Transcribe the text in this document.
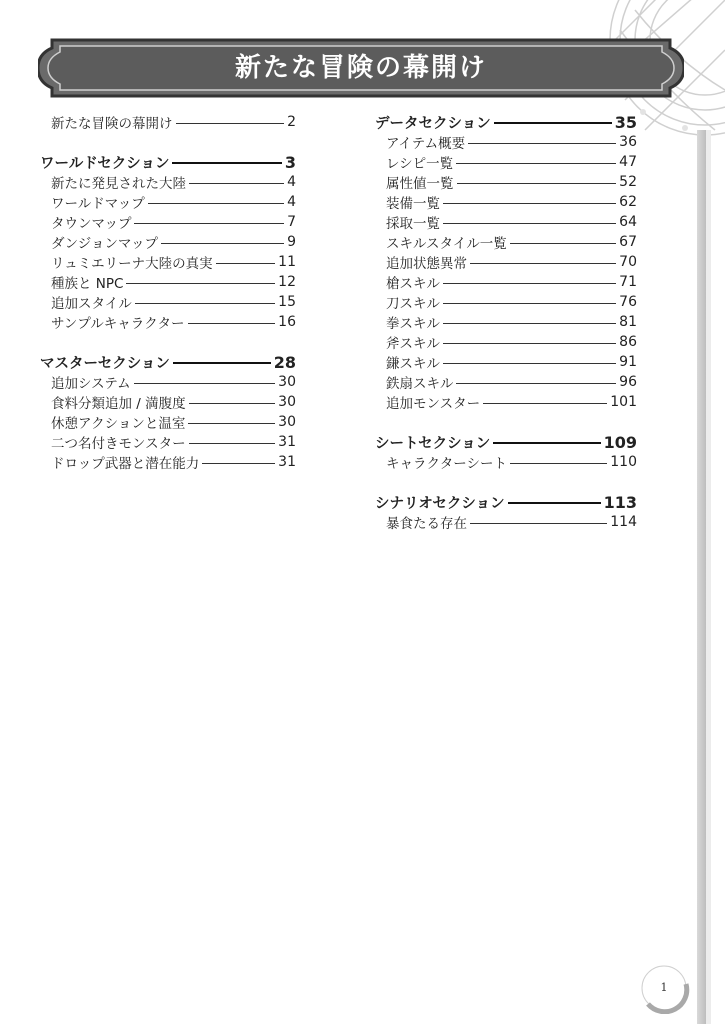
新たな冒険の幕開け
新たな冒険の幕開け	2
ワールドセクション	3
新たに発見された大陸	4
ワールドマップ	4
タウンマップ	7
ダンジョンマップ	9
リュミエリーナ大陸の真実	11
種族と NPC	12
追加スタイル	15
サンプルキャラクター	16
マスターセクション	28
追加システム	30
食料分類追加 / 満腹度	30
休憩アクションと温室	30
二つ名付きモンスター	31
ドロップ武器と潜在能力	31
データセクション	35
アイテム概要	36
レシピ一覧	47
属性値一覧	52
装備一覧	62
採取一覧	64
スキルスタイル一覧	67
追加状態異常	70
槍スキル	71
刀スキル	76
拳スキル	81
斧スキル	86
鎌スキル	91
鉄扇スキル	96
追加モンスター	101
シートセクション	109
キャラクターシート	110
シナリオセクション	113
暴食たる存在	114
1
